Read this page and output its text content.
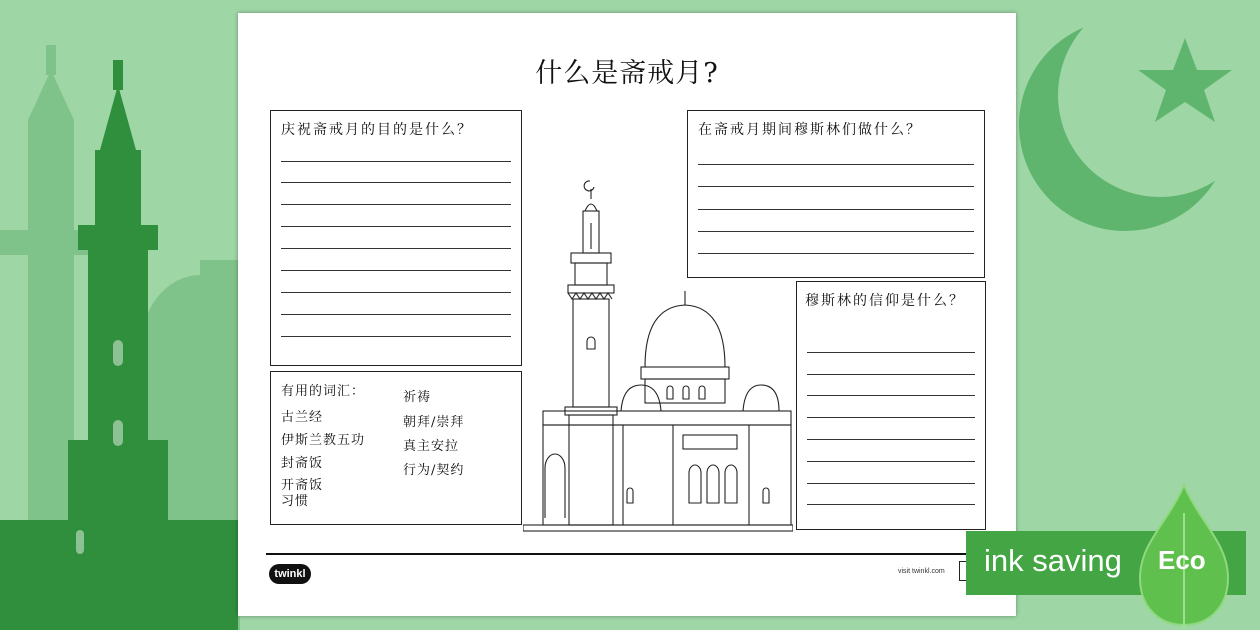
什么是斋戒月?
庆祝斋戒月的目的是什么？	在斋戒月期间穆斯林们做什么？
穆斯林的信仰是什么？
有用的词汇：
古兰经
伊斯兰教五功
封斋饭
开斋饭
习惯
祈祷
朝拜/崇拜
真主安拉
行为/契约
twinkl	visit twinkl.com ink saving Eco
